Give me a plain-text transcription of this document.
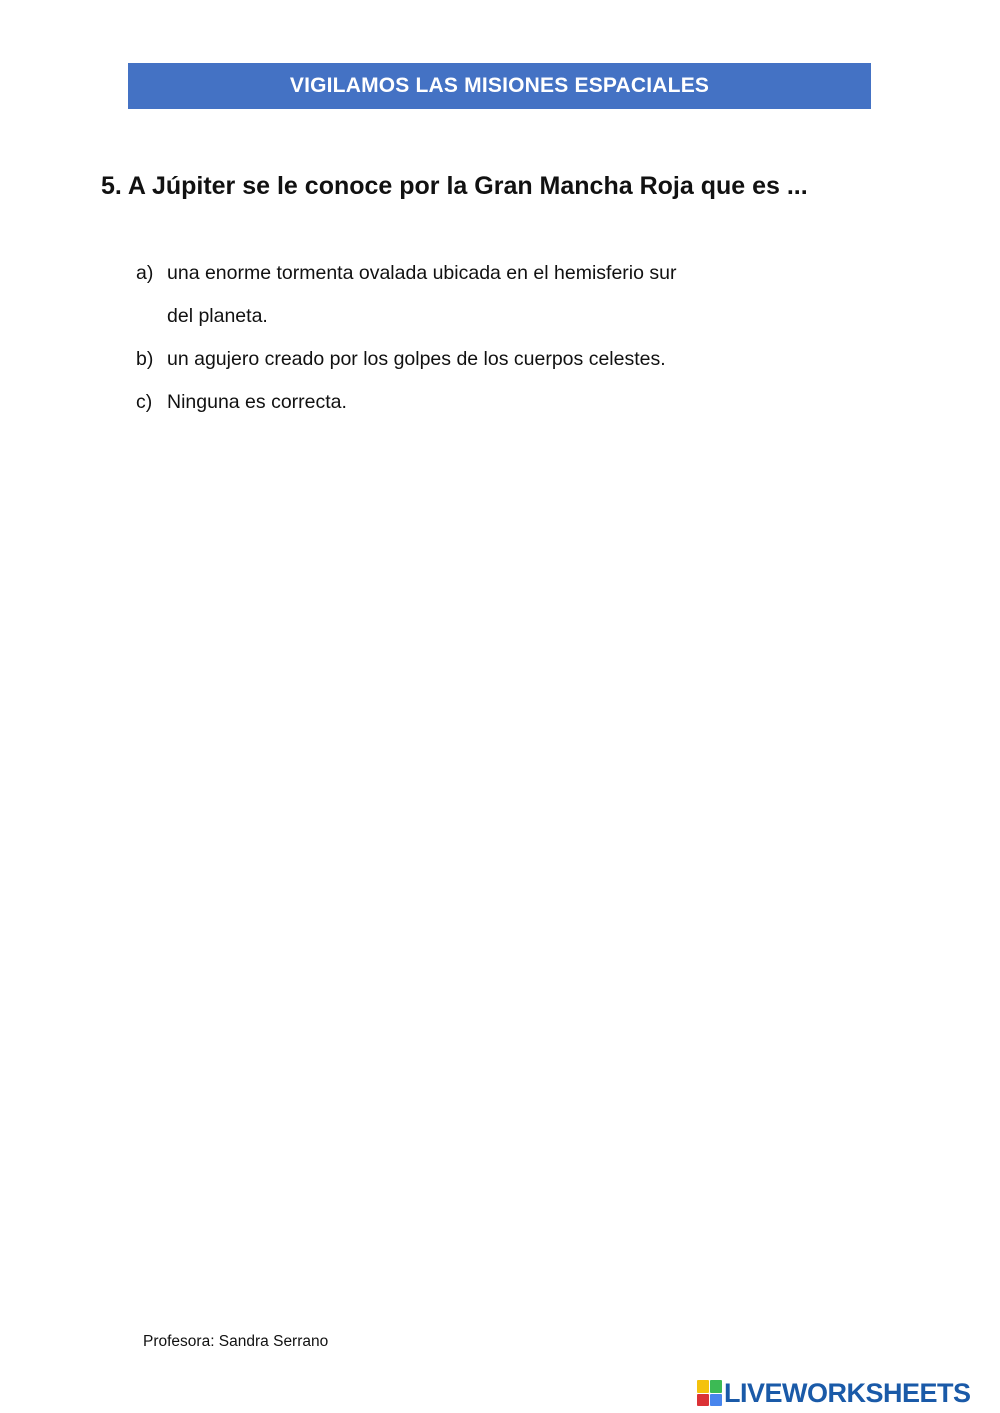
VIGILAMOS LAS MISIONES ESPACIALES
5. A Júpiter se le conoce por la Gran Mancha Roja que es ...
a) una enorme tormenta ovalada ubicada en el hemisferio sur
del planeta.
b) un agujero creado por los golpes de los cuerpos celestes.
c) Ninguna es correcta.
Profesora: Sandra Serrano
LIVEWORKSHEETS
